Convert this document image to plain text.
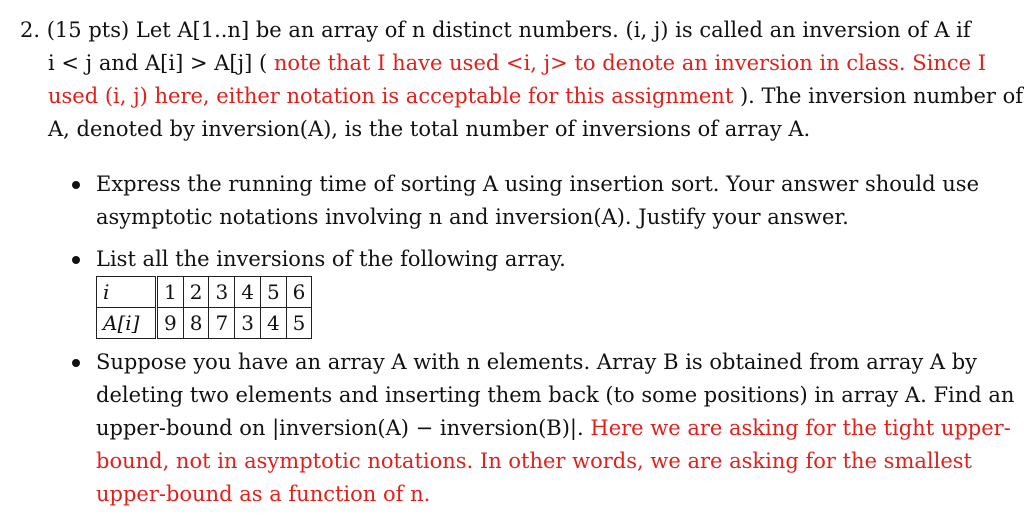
2. (15 pts) Let A[1..n] be an array of n distinct numbers. (i, j) is called an inversion of A if
i < j and A[i] > A[j] ( note that I have used <i, j> to denote an inversion in class. Since I
used (i, j) here, either notation is acceptable for this assignment ). The inversion number of
A, denoted by inversion(A), is the total number of inversions of array A.
Express the running time of sorting A using insertion sort. Your answer should use
asymptotic notations involving n and inversion(A). Justify your answer.
List all the inversions of the following array.
i	1	2	3	4	5	6
A[i]	9	8	7	3	4	5
Suppose you have an array A with n elements. Array B is obtained from array A by
deleting two elements and inserting them back (to some positions) in array A. Find an
upper-bound on |inversion(A) − inversion(B)|. Here we are asking for the tight upper-
bound, not in asymptotic notations. In other words, we are asking for the smallest
upper-bound as a function of n.
